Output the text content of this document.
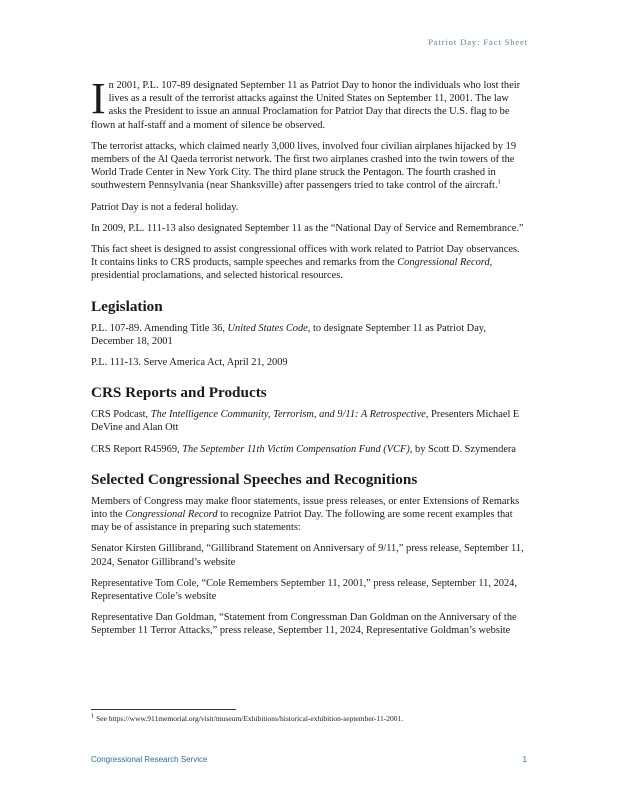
Patriot Day: Fact Sheet

In 2001, P.L. 107-89 designated September 11 as Patriot Day to honor the individuals who lost their lives as a result of the terrorist attacks against the United States on September 11, 2001. The law asks the President to issue an annual Proclamation for Patriot Day that directs the U.S. flag to be flown at half-staff and a moment of silence be observed.

The terrorist attacks, which claimed nearly 3,000 lives, involved four civilian airplanes hijacked by 19 members of the Al Qaeda terrorist network. The first two airplanes crashed into the twin towers of the World Trade Center in New York City. The third plane struck the Pentagon. The fourth crashed in southwestern Pennsylvania (near Shanksville) after passengers tried to take control of the aircraft.$^1$

Patriot Day is not a federal holiday.

In 2009, P.L. 111-13 also designated September 11 as the “National Day of Service and Remembrance.”

This fact sheet is designed to assist congressional offices with work related to Patriot Day observances. It contains links to CRS products, sample speeches and remarks from the Congressional Record, presidential proclamations, and selected historical resources.

Legislation

P.L. 107-89. Amending Title 36, United States Code, to designate September 11 as Patriot Day, December 18, 2001

P.L. 111-13. Serve America Act, April 21, 2009

CRS Reports and Products

CRS Podcast, The Intelligence Community, Terrorism, and 9/11: A Retrospective, Presenters Michael E DeVine and Alan Ott

CRS Report R45969, The September 11th Victim Compensation Fund (VCF), by Scott D. Szymendera

Selected Congressional Speeches and Recognitions

Members of Congress may make floor statements, issue press releases, or enter Extensions of Remarks into the Congressional Record to recognize Patriot Day. The following are some recent examples that may be of assistance in preparing such statements:

Senator Kirsten Gillibrand, “Gillibrand Statement on Anniversary of 9/11,” press release, September 11, 2024, Senator Gillibrand’s website

Representative Tom Cole, “Cole Remembers September 11, 2001,” press release, September 11, 2024, Representative Cole’s website

Representative Dan Goldman, “Statement from Congressman Dan Goldman on the Anniversary of the September 11 Terror Attacks,” press release, September 11, 2024, Representative Goldman’s website

$^1$ See https://www.911memorial.org/visit/museum/Exhibitions/historical-exhibition-september-11-2001.
Congressional Research Service	1
